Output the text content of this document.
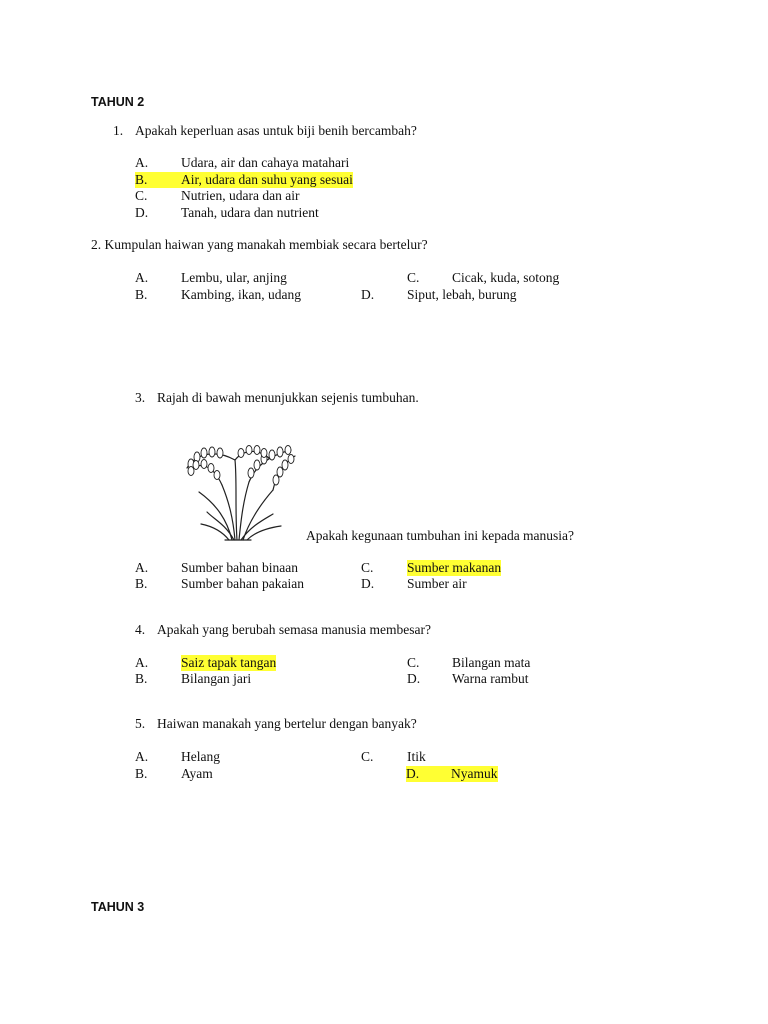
TAHUN 2
1. Apakah keperluan asas untuk biji benih bercambah?
A. Udara, air dan cahaya matahari
B.	Air, udara dan suhu yang sesuai
C. Nutrien, udara dan air
D. Tanah, udara dan nutrient
2. Kumpulan haiwan yang manakah membiak secara bertelur?
A. Lembu, ular, anjing	C. Cicak, kuda, sotong
B. Kambing, ikan, udang	D. Siput, lebah, burung
3. Rajah di bawah menunjukkan sejenis tumbuhan.
Apakah kegunaan tumbuhan ini kepada manusia?
A. Sumber bahan binaan	C. Sumber makanan
B. Sumber bahan pakaian	D. Sumber air
4. Apakah yang berubah semasa manusia membesar?
A. Saiz tapak tangan	C. Bilangan mata
B. Bilangan jari	D. Warna rambut
5. Haiwan manakah yang bertelur dengan banyak?
A. Helang	C. Itik
B. Ayam	D.	Nyamuk
TAHUN 3
